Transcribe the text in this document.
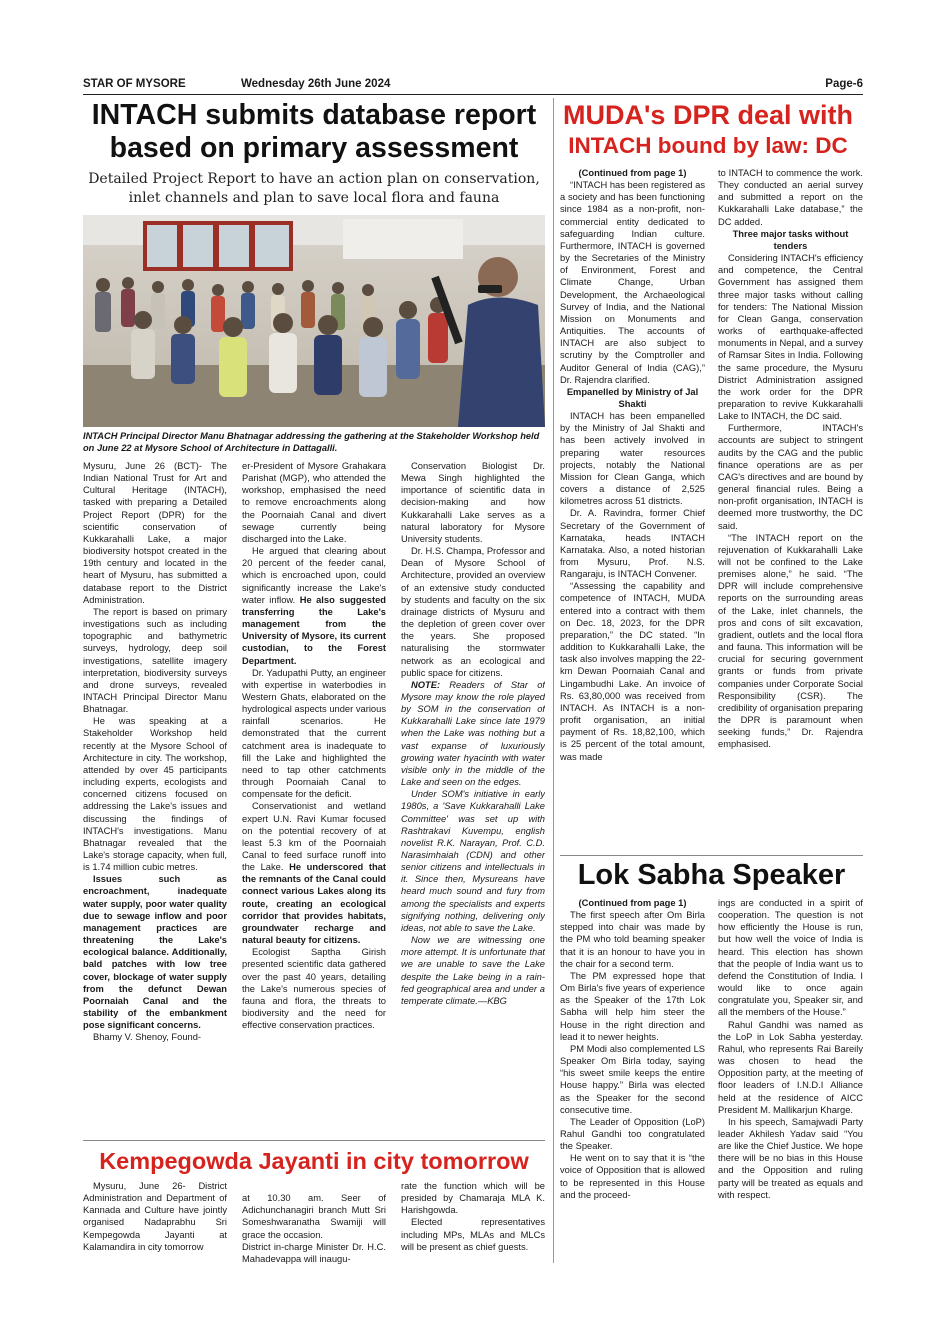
STAR OF MYSORE	Wednesday 26th June 2024	Page-6
INTACH submits database report based on primary assessment
Detailed Project Report to have an action plan on conservation, inlet channels and plan to save local flora and fauna
INTACH Principal Director Manu Bhatnagar addressing the gathering at the Stakeholder Workshop held on June 22 at Mysore School of Architecture in Dattagalli.

Mysuru, June 26 (BCT)- The Indian National Trust for Art and Cultural Heritage (INTACH), tasked with preparing a Detailed Project Report (DPR) for the scientific conservation of Kukkarahalli Lake, a major biodiversity hotspot created in the 19th century and located in the heart of Mysuru, has submitted a database report to the District Administration.

The report is based on primary investigations such as including topographic and bathymetric surveys, hydrology, deep soil investigations, satellite imagery interpretation, biodiversity surveys and drone surveys, revealed INTACH Principal Director Manu Bhatnagar.

He was speaking at a Stakeholder Workshop held recently at the Mysore School of Architecture in city. The workshop, attended by over 45 participants including experts, ecologists and concerned citizens focused on addressing the Lake's issues and discussing the findings of INTACH's investigations. Manu Bhatnagar revealed that the Lake's storage capacity, when full, is 1.74 million cubic metres.

Issues such as encroachment, inadequate water supply, poor water quality due to sewage inflow and poor management practices are threatening the Lake's ecological balance. Additionally, bald patches with low tree cover, blockage of water supply from the defunct Dewan Poornaiah Canal and the stability of the embankment pose significant concerns.

Bhamy V. Shenoy, Found-

er-President of Mysore Grahakara Parishat (MGP), who attended the workshop, emphasised the need to remove encroachments along the Poornaiah Canal and divert sewage currently being discharged into the Lake.

He argued that clearing about 20 percent of the feeder canal, which is encroached upon, could significantly increase the Lake's water inflow. He also suggested transferring the Lake's management from the University of Mysore, its current custodian, to the Forest Department.

Dr. Yadupathi Putty, an engineer with expertise in waterbodies in Western Ghats, elaborated on the hydrological aspects under various rainfall scenarios. He demonstrated that the current catchment area is inadequate to fill the Lake and highlighted the need to tap other catchments through Poornaiah Canal to compensate for the deficit.

Conservationist and wetland expert U.N. Ravi Kumar focused on the potential recovery of at least 5.3 km of the Poornaiah Canal to feed surface runoff into the Lake. He underscored that the remnants of the Canal could connect various Lakes along its route, creating an ecological corridor that provides habitats, groundwater recharge and natural beauty for citizens.

Ecologist Saptha Girish presented scientific data gathered over the past 40 years, detailing the Lake's numerous species of fauna and flora, the threats to biodiversity and the need for effective conservation practices.

Conservation Biologist Dr. Mewa Singh highlighted the importance of scientific data in decision-making and how Kukkarahalli Lake serves as a natural laboratory for Mysore University students.

Dr. H.S. Champa, Professor and Dean of Mysore School of Architecture, provided an overview of an extensive study conducted by students and faculty on the six drainage districts of Mysuru and the depletion of green cover over the years. She proposed naturalising the stormwater network as an ecological and public space for citizens.

NOTE: Readers of Star of Mysore may know the role played by SOM in the conservation of Kukkarahalli Lake since late 1979 when the Lake was nothing but a vast expanse of luxuriously growing water hyacinth with water visible only in the middle of the Lake and seen on the edges.

Under SOM's initiative in early 1980s, a 'Save Kukkarahalli Lake Committee' was set up with Rashtrakavi Kuvempu, english novelist R.K. Narayan, Prof. C.D. Narasimhaiah (CDN) and other senior citizens and intellectuals in it. Since then, Mysureans have heard much sound and fury from among the specialists and experts signifying nothing, delivering only ideas, not able to save the Lake.

Now we are witnessing one more attempt. It is unfortunate that we are unable to save the Lake despite the Lake being in a rain-fed geographical area and under a temperate climate.—KBG

MUDA's DPR deal with
INTACH bound by law: DC

(Continued from page 1)

“INTACH has been registered as a society and has been functioning since 1984 as a non-profit, non-commercial entity dedicated to safeguarding Indian culture. Furthermore, INTACH is governed by the Secretaries of the Ministry of Environment, Forest and Climate Change, Urban Development, the Archaeological Survey of India, and the National Mission on Monuments and Antiquities. The accounts of INTACH are also subject to scrutiny by the Comptroller and Auditor General of India (CAG),” Dr. Rajendra clarified.

Empanelled by Ministry of Jal Shakti

INTACH has been empanelled by the Ministry of Jal Shakti and has been actively involved in preparing water resources projects, notably the National Mission for Clean Ganga, which covers a distance of 2,525 kilometres across 51 districts.

Dr. A. Ravindra, former Chief Secretary of the Government of Karnataka, heads INTACH Karnataka. Also, a noted historian from Mysuru, Prof. N.S. Rangaraju, is INTACH Convener.

“Assessing the capability and competence of INTACH, MUDA entered into a contract with them on Dec. 18, 2023, for the DPR preparation,” the DC stated. “In addition to Kukkarahalli Lake, the task also involves mapping the 22-km Dewan Poornaiah Canal and Lingambudhi Lake. An invoice of Rs. 63,80,000 was received from INTACH. As INTACH is a non-profit organisation, an initial payment of Rs. 18,82,100, which is 25 percent of the total amount, was made

to INTACH to commence the work. They conducted an aerial survey and submitted a report on the Kukkarahalli Lake database,” the DC added.

Three major tasks without tenders

Considering INTACH's efficiency and competence, the Central Government has assigned them three major tasks without calling for tenders: The National Mission for Clean Ganga, conservation works of earthquake-affected monuments in Nepal, and a survey of Ramsar Sites in India. Following the same procedure, the Mysuru District Administration assigned the work order for the DPR preparation to revive Kukkarahalli Lake to INTACH, the DC said.

Furthermore, INTACH's accounts are subject to stringent audits by the CAG and the public finance operations are as per CAG's directives and are bound by general financial rules. Being a non-profit organisation, INTACH is deemed more trustworthy, the DC said.

“The INTACH report on the rejuvenation of Kukkarahalli Lake will not be confined to the Lake premises alone,” he said. “The DPR will include comprehensive reports on the surrounding areas of the Lake, inlet channels, the pros and cons of silt excavation, gradient, outlets and the local flora and fauna. This information will be crucial for securing government grants or funds from private companies under Corporate Social Responsibility (CSR). The credibility of organisation preparing the DPR is paramount when seeking funds,” Dr. Rajendra emphasised.

Lok Sabha Speaker

(Continued from page 1)

The first speech after Om Birla stepped into chair was made by the PM who told beaming speaker that it is an honour to have you in the chair for a second term.

The PM expressed hope that Om Birla's five years of experience as the Speaker of the 17th Lok Sabha will help him steer the House in the right direction and lead it to newer heights.

PM Modi also complemented LS Speaker Om Birla today, saying “his sweet smile keeps the entire House happy.” Birla was elected as the Speaker for the second consecutive time.

The Leader of Opposition (LoP) Rahul Gandhi too congratulated the Speaker.

He went on to say that it is “the voice of Opposition that is allowed to be represented in this House and the proceed-

ings are conducted in a spirit of cooperation. The question is not how efficiently the House is run, but how well the voice of India is heard. This election has shown that the people of India want us to defend the Constitution of India. I would like to once again congratulate you, Speaker sir, and all the members of the House.”

Rahul Gandhi was named as the LoP in Lok Sabha yesterday. Rahul, who represents Rai Bareily was chosen to head the Opposition party, at the meeting of floor leaders of I.N.D.I Alliance held at the residence of AICC President M. Mallikarjun Kharge.

In his speech, Samajwadi Party leader Akhilesh Yadav said “You are like the Chief Justice. We hope there will be no bias in this House and the Opposition and ruling party will be treated as equals and with respect.

Kempegowda Jayanti in city tomorrow

Mysuru, June 26- District Administration and Department of Kannada and Culture have jointly organised Nadaprabhu Sri Kempegowda Jayanti at Kalamandira in city tomorrow

at 10.30 am. Seer of Adichunchanagiri branch Mutt Sri Someshwaranatha Swamiji will grace the occasion.
District in-charge Minister Dr. H.C. Mahadevappa will inaugu-

rate the function which will be presided by Chamaraja MLA K. Harishgowda.

Elected representatives including MPs, MLAs and MLCs will be present as chief guests.
